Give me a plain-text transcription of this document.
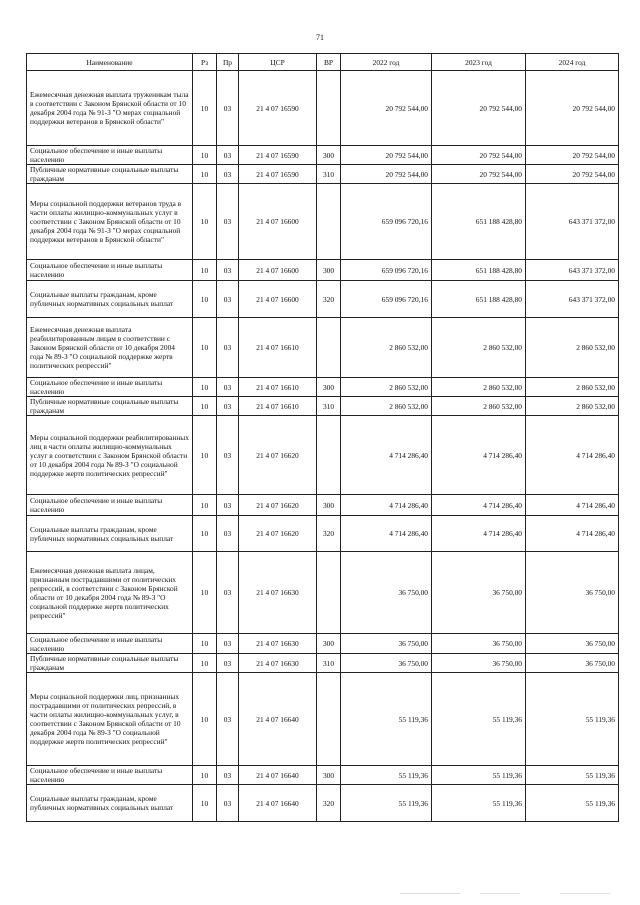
71
Наименование	Рз	Пр	ЦСР	ВР	2022 год	2023 год	2024 год
Ежемесячная денежная выплата труженикам тыла в соответствии с Законом Брянской области от 10 декабря 2004 года № 91-З "О мерах социальной поддержки ветеранов в Брянской области"	10	03	21 4 07 16590		20 792 544,00	20 792 544,00	20 792 544,00
Социальное обеспечение и иные выплаты населению	10	03	21 4 07 16590	300	20 792 544,00	20 792 544,00	20 792 544,00
Публичные нормативные социальные выплаты гражданам	10	03	21 4 07 16590	310	20 792 544,00	20 792 544,00	20 792 544,00
Меры социальной поддержки ветеранов труда в части оплаты жилищно-коммунальных услуг в соответствии с Законом Брянской области от 10 декабря 2004 года № 91-З "О мерах социальной поддержки ветеранов в Брянской области"	10	03	21 4 07 16600		659 096 720,16	651 188 428,80	643 371 372,00
Социальное обеспечение и иные выплаты населению	10	03	21 4 07 16600	300	659 096 720,16	651 188 428,80	643 371 372,00
Социальные выплаты гражданам, кроме публичных нормативных социальных выплат	10	03	21 4 07 16600	320	659 096 720,16	651 188 428,80	643 371 372,00
Ежемесячная денежная выплата реабилитированным лицам в соответствии с Законом Брянской области от 10 декабря 2004 года № 89-З "О социальной поддержке жертв политических репрессий"	10	03	21 4 07 16610		2 860 532,00	2 860 532,00	2 860 532,00
Социальное обеспечение и иные выплаты населению	10	03	21 4 07 16610	300	2 860 532,00	2 860 532,00	2 860 532,00
Публичные нормативные социальные выплаты гражданам	10	03	21 4 07 16610	310	2 860 532,00	2 860 532,00	2 860 532,00
Меры социальной поддержки реабилитированных лиц в части оплаты жилищно-коммунальных услуг в соответствии с Законом Брянской области от 10 декабря 2004 года № 89-З "О социальной поддержке жертв политических репрессий"	10	03	21 4 07 16620		4 714 286,40	4 714 286,40	4 714 286,40
Социальное обеспечение и иные выплаты населению	10	03	21 4 07 16620	300	4 714 286,40	4 714 286,40	4 714 286,40
Социальные выплаты гражданам, кроме публичных нормативных социальных выплат	10	03	21 4 07 16620	320	4 714 286,40	4 714 286,40	4 714 286,40
Ежемесячная денежная выплата лицам, признанным пострадавшими от политических репрессий, в соответствии с Законом Брянской области от 10 декабря 2004 года № 89-З "О социальной поддержке жертв политических репрессий"	10	03	21 4 07 16630		36 750,00	36 750,00	36 750,00
Социальное обеспечение и иные выплаты населению	10	03	21 4 07 16630	300	36 750,00	36 750,00	36 750,00
Публичные нормативные социальные выплаты гражданам	10	03	21 4 07 16630	310	36 750,00	36 750,00	36 750,00
Меры социальной поддержки лиц, признанных пострадавшими от политических репрессий, в части оплаты жилищно-коммунальных услуг, в соответствии с Законом Брянской области от 10 декабря 2004 года № 89-З "О социальной поддержке жертв политических репрессий"	10	03	21 4 07 16640		55 119,36	55 119,36	55 119,36
Социальное обеспечение и иные выплаты населению	10	03	21 4 07 16640	300	55 119,36	55 119,36	55 119,36
Социальные выплаты гражданам, кроме публичных нормативных социальных выплат	10	03	21 4 07 16640	320	55 119,36	55 119,36	55 119,36
